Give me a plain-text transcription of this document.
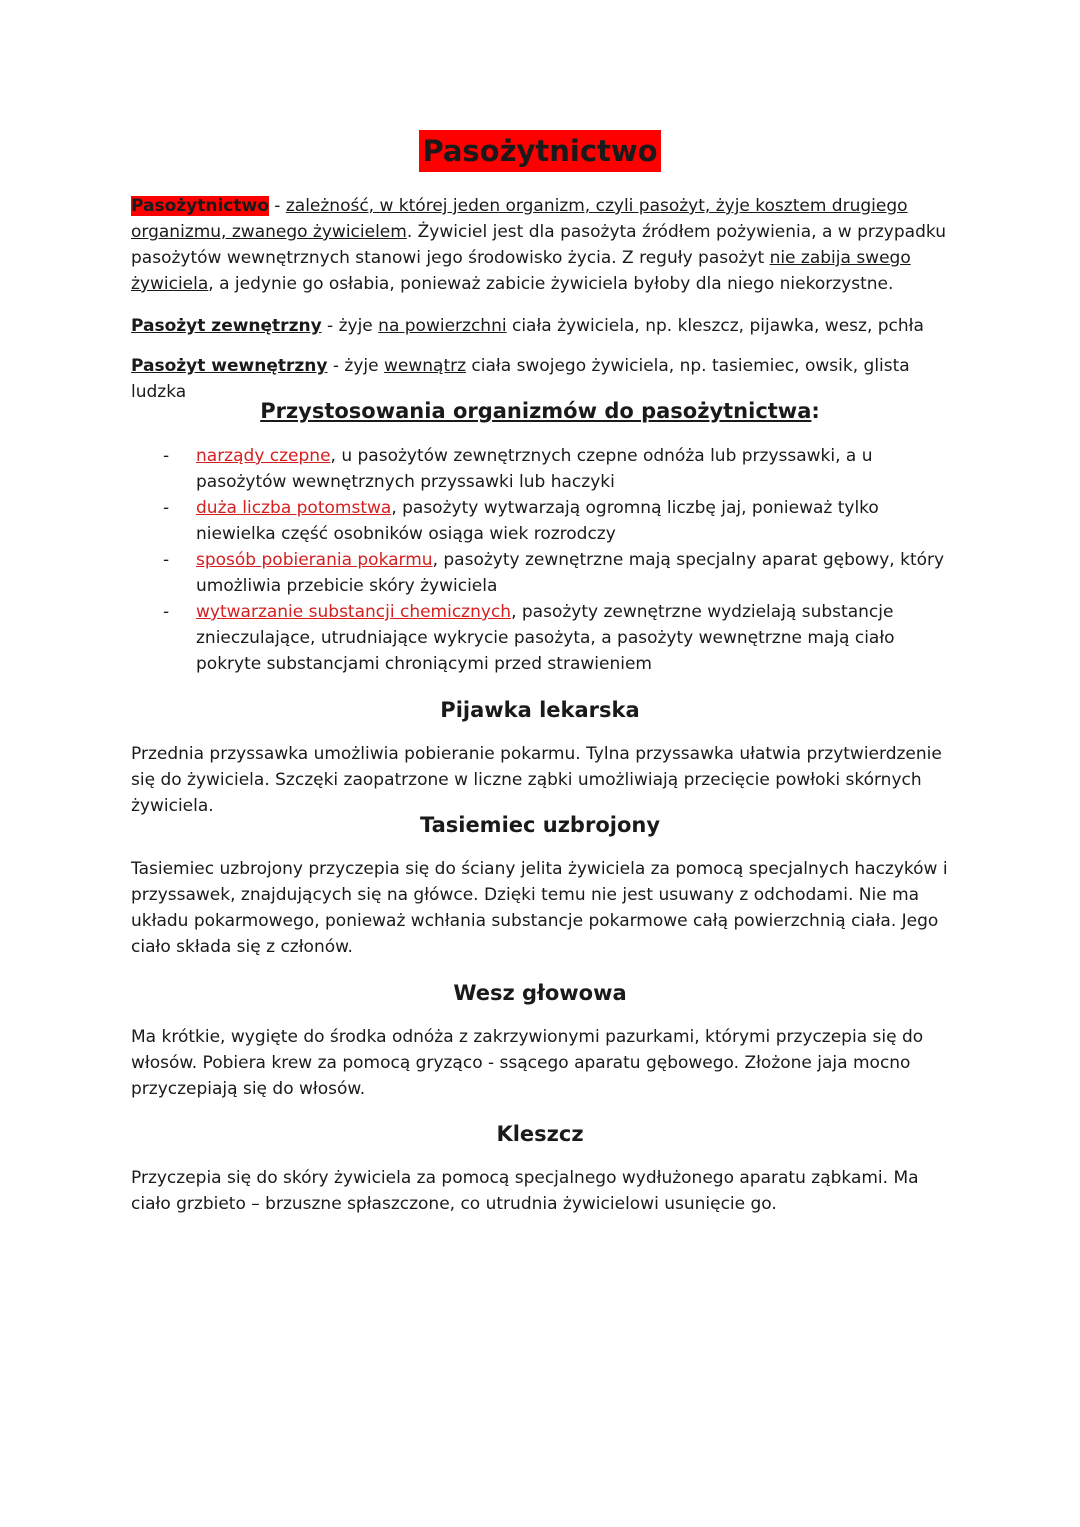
Pasożytnictwo

Pasożytnictwo - zależność, w której jeden organizm, czyli pasożyt, żyje kosztem drugiego organizmu, zwanego żywicielem. Żywiciel jest dla pasożyta źródłem pożywienia, a w przypadku pasożytów wewnętrznych stanowi jego środowisko życia. Z reguły pasożyt nie zabija swego żywiciela, a jedynie go osłabia, ponieważ zabicie żywiciela byłoby dla niego niekorzystne.

Pasożyt zewnętrzny - żyje na powierzchni ciała żywiciela, np. kleszcz, pijawka, wesz, pchła

Pasożyt wewnętrzny - żyje wewnątrz ciała swojego żywiciela, np. tasiemiec, owsik, glista ludzka

Przystosowania organizmów do pasożytnictwa:
- narządy czepne, u pasożytów zewnętrznych czepne odnóża lub przyssawki, a u pasożytów wewnętrznych przyssawki lub haczyki
- duża liczba potomstwa, pasożyty wytwarzają ogromną liczbę jaj, ponieważ tylko niewielka część osobników osiąga wiek rozrodczy
- sposób pobierania pokarmu, pasożyty zewnętrzne mają specjalny aparat gębowy, który umożliwia przebicie skóry żywiciela
- wytwarzanie substancji chemicznych, pasożyty zewnętrzne wydzielają substancje znieczulające, utrudniające wykrycie pasożyta, a pasożyty wewnętrzne mają ciało pokryte substancjami chroniącymi przed strawieniem
Pijawka lekarska

Przednia przyssawka umożliwia pobieranie pokarmu. Tylna przyssawka ułatwia przytwierdzenie się do żywiciela. Szczęki zaopatrzone w liczne ząbki umożliwiają przecięcie powłoki skórnych żywiciela.

Tasiemiec uzbrojony

Tasiemiec uzbrojony przyczepia się do ściany jelita żywiciela za pomocą specjalnych haczyków i przyssawek, znajdujących się na główce. Dzięki temu nie jest usuwany z odchodami. Nie ma układu pokarmowego, ponieważ wchłania substancje pokarmowe całą powierzchnią ciała. Jego ciało składa się z członów.

Wesz głowowa

Ma krótkie, wygięte do środka odnóża z zakrzywionymi pazurkami, którymi przyczepia się do włosów. Pobiera krew za pomocą gryząco - ssącego aparatu gębowego. Złożone jaja mocno przyczepiają się do włosów.

Kleszcz

Przyczepia się do skóry żywiciela za pomocą specjalnego wydłużonego aparatu ząbkami. Ma ciało grzbieto – brzuszne spłaszczone, co utrudnia żywicielowi usunięcie go.
